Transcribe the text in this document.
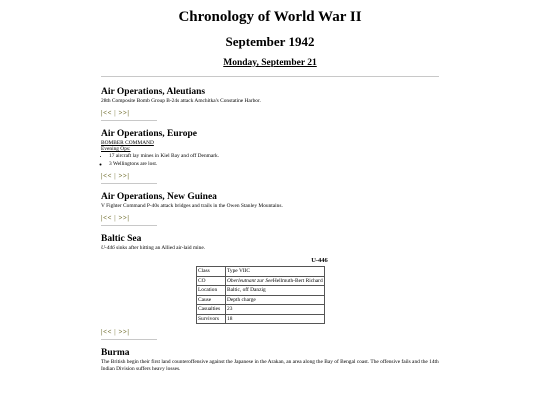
Chronology of World War II
September 1942
Monday, September 21

Air Operations, Aleutians

28th Composite Bomb Group B-24s attack Amchitka's Constatine Harbor.

|<< | >>|

Air Operations, Europe

BOMBER COMMAND

Evening Ops:

• 17 aircraft lay mines in Kiel Bay and off Denmark.
◦ 3 Wellingtons are lost.
|<< | >>|

Air Operations, New Guinea

V Fighter Command P-40s attack bridges and trails in the Owen Stanley Mountains.

|<< | >>|

Baltic Sea

U-446 sinks after hitting an Allied air-laid mine.

U-446
Class	Type VIIC
CO	Oberleutnant zur SeeHellmuth-Bert Richard
Location	Baltic, off Danzig
Cause	Depth charge
Casualties	23
Survivors	18
|<< | >>|

Burma

The British begin their first land counteroffensive against the Japanese in the Arakan, an area along the Bay of Bengal coast. The offensive fails and the 14th Indian Division suffers heavy losses.
